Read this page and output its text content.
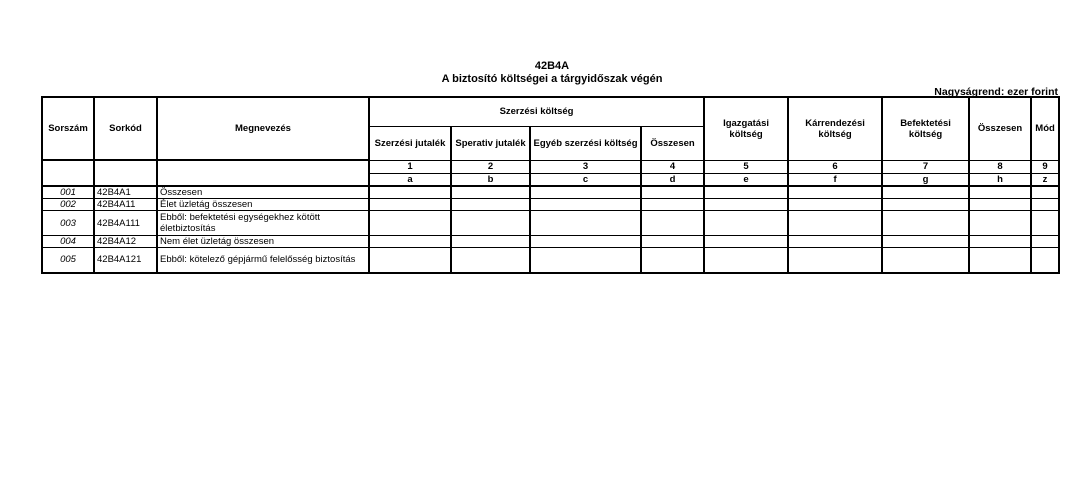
42B4A
A biztosító költségei a tárgyidőszak végén
Nagyságrend: ezer forint
Sorszám	Sorkód	Megnevezés	Szerzési költség				Igazgatási költség	Kárrendezési költség	Befektetési költség	Összesen	Mód
			Szerzési jutalék	Sperativ jutalék	Egyéb szerzési költség	Összesen					
			1	2	3	4	5	6	7	8	9
			a	b	c	d	e	f	g	h	z
001	42B4A1	Összesen									
002	42B4A11	Élet üzletág összesen									
003	42B4A111	Ebből: befektetési egységekhez kötött életbiztosítás									
004	42B4A12	Nem élet üzletág összesen									
005	42B4A121	Ebből: kötelező gépjármű felelősség biztosítás									
